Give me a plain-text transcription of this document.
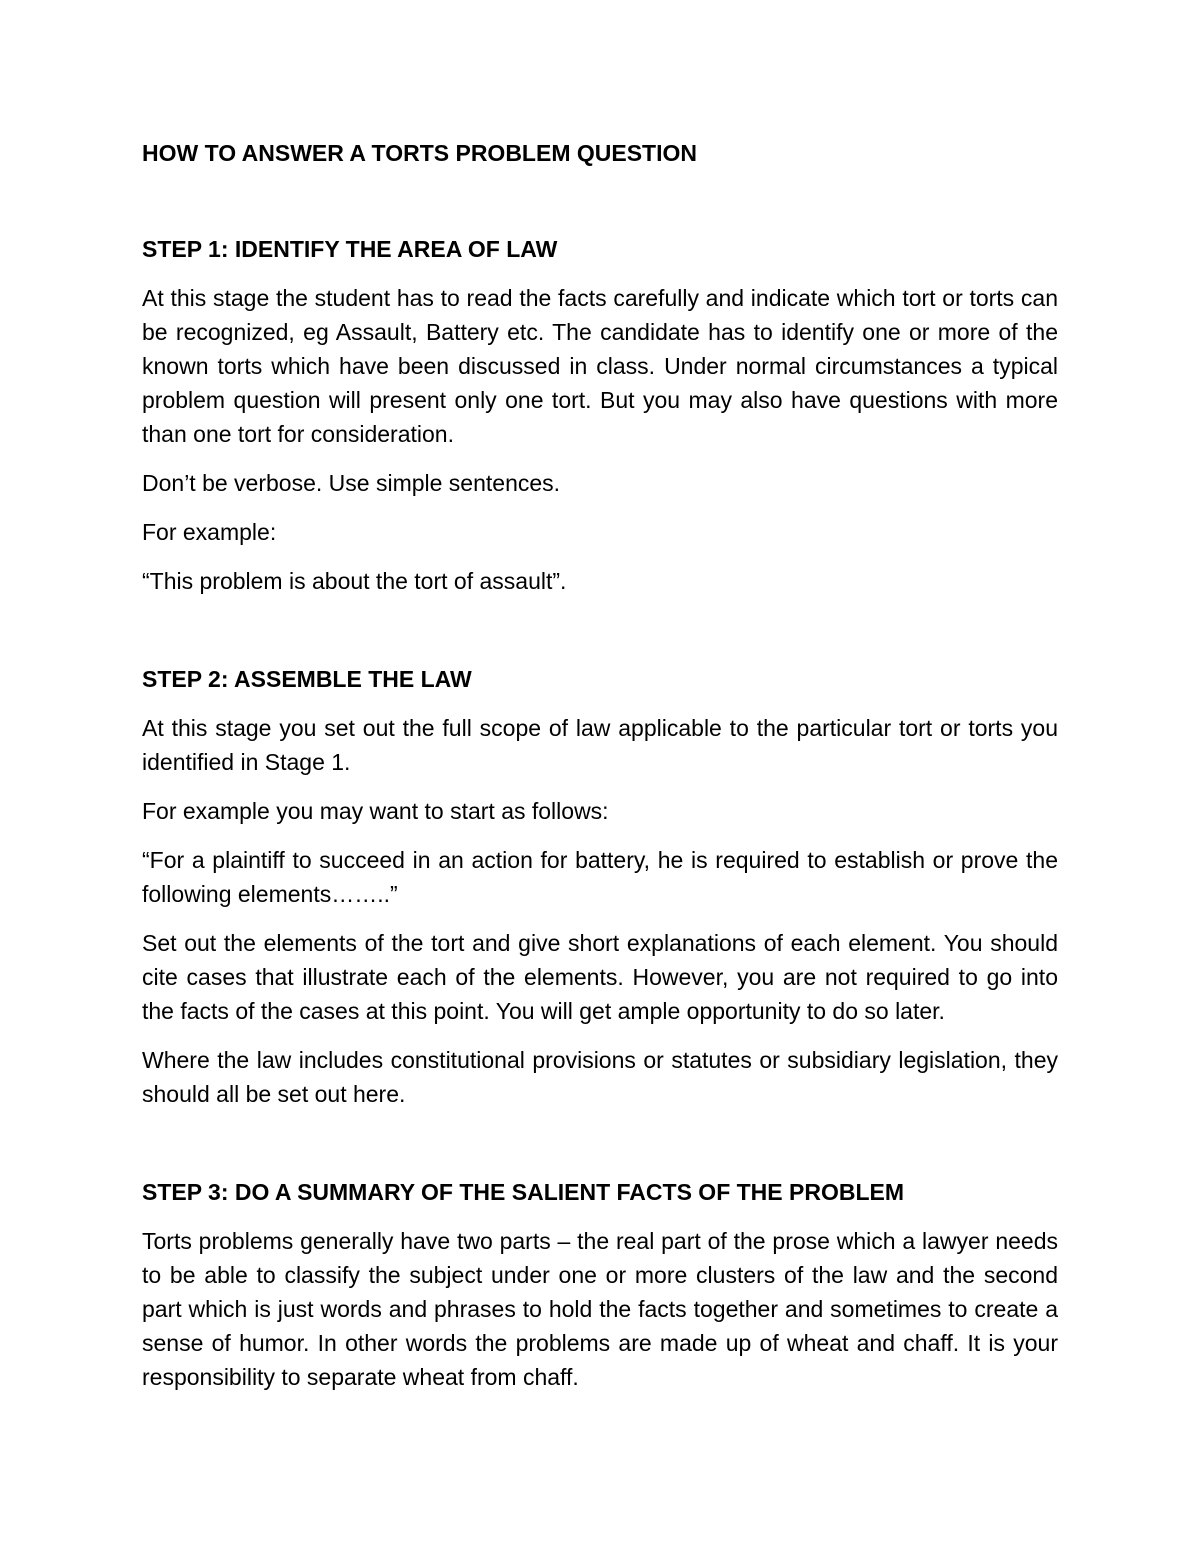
HOW TO ANSWER A TORTS PROBLEM QUESTION
STEP 1: IDENTIFY THE AREA OF LAW

At this stage the student has to read the facts carefully and indicate which tort or torts can be recognized, eg Assault, Battery etc. The candidate has to identify one or more of the known torts which have been discussed in class. Under normal circumstances a typical problem question will present only one tort. But you may also have questions with more than one tort for consideration.

Don’t be verbose. Use simple sentences.

For example:

“This problem is about the tort of assault”.

STEP 2: ASSEMBLE THE LAW

At this stage you set out the full scope of law applicable to the particular tort or torts you identified in Stage 1.

For example you may want to start as follows:

“For a plaintiff to succeed in an action for battery, he is required to establish or prove the following elements……..”

Set out the elements of the tort and give short explanations of each element. You should cite cases that illustrate each of the elements. However, you are not required to go into the facts of the cases at this point. You will get ample opportunity to do so later.

Where the law includes constitutional provisions or statutes or subsidiary legislation, they should all be set out here.

STEP 3: DO A SUMMARY OF THE SALIENT FACTS OF THE PROBLEM

Torts problems generally have two parts – the real part of the prose which a lawyer needs to be able to classify the subject under one or more clusters of the law and the second part which is just words and phrases to hold the facts together and sometimes to create a sense of humor. In other words the problems are made up of wheat and chaff. It is your responsibility to separate wheat from chaff.
